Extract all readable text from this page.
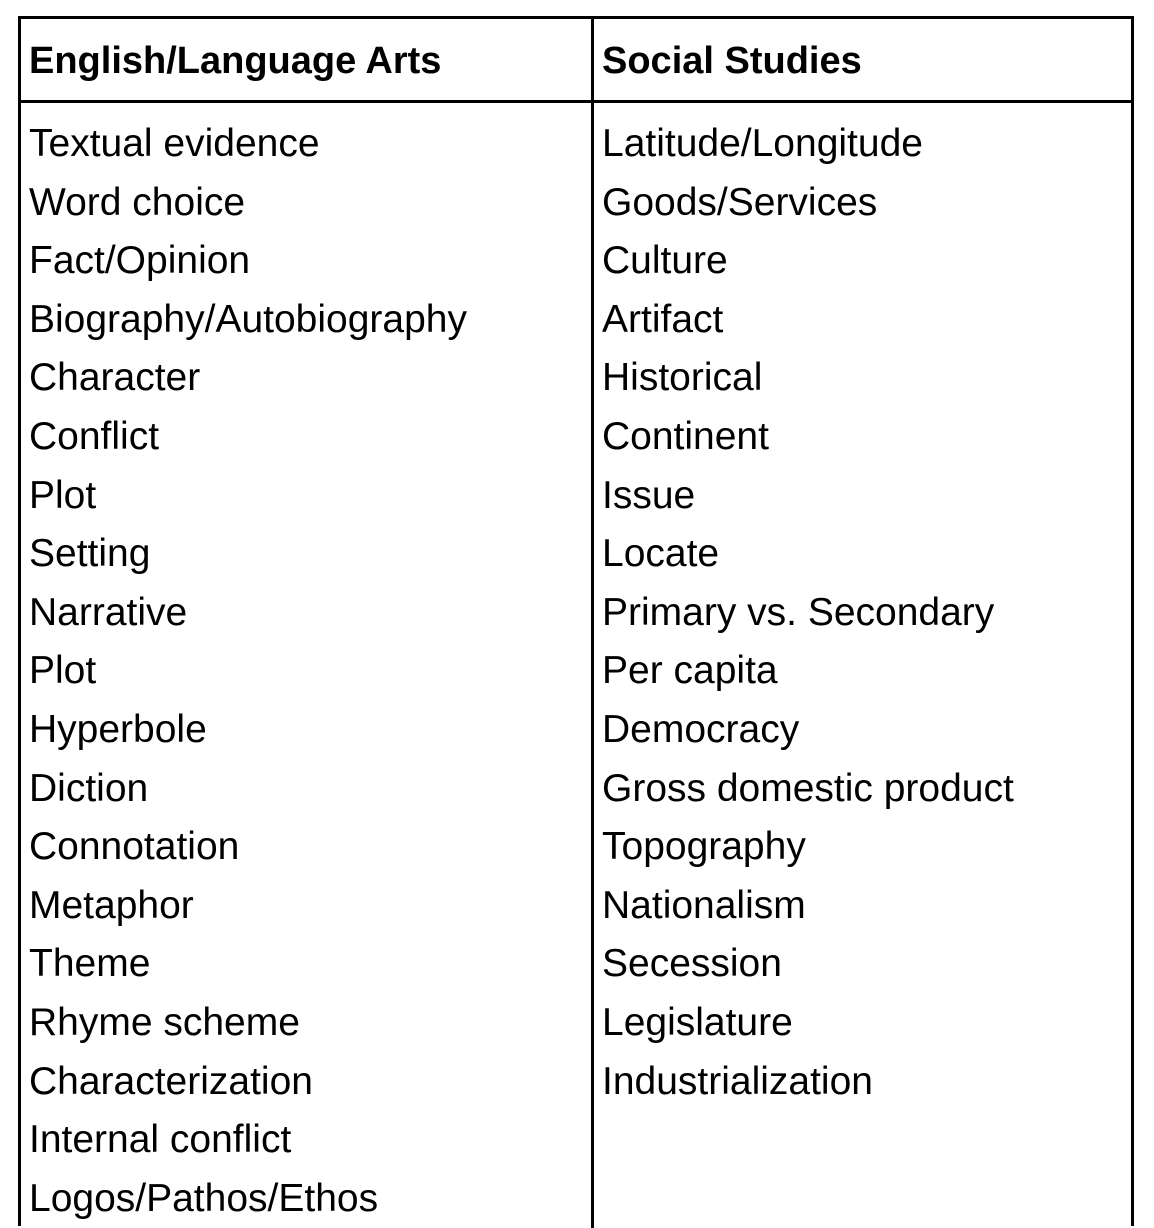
English/Language Arts	Social Studies
Textual evidence
Word choice
Fact/Opinion
Biography/Autobiography
Character
Conflict
Plot
Setting
Narrative
Plot
Hyperbole
Diction
Connotation
Metaphor
Theme
Rhyme scheme
Characterization
Internal conflict
Logos/Pathos/Ethos
Latitude/Longitude
Goods/Services
Culture
Artifact
Historical
Continent
Issue
Locate
Primary vs. Secondary
Per capita
Democracy
Gross domestic product
Topography
Nationalism
Secession
Legislature
Industrialization
